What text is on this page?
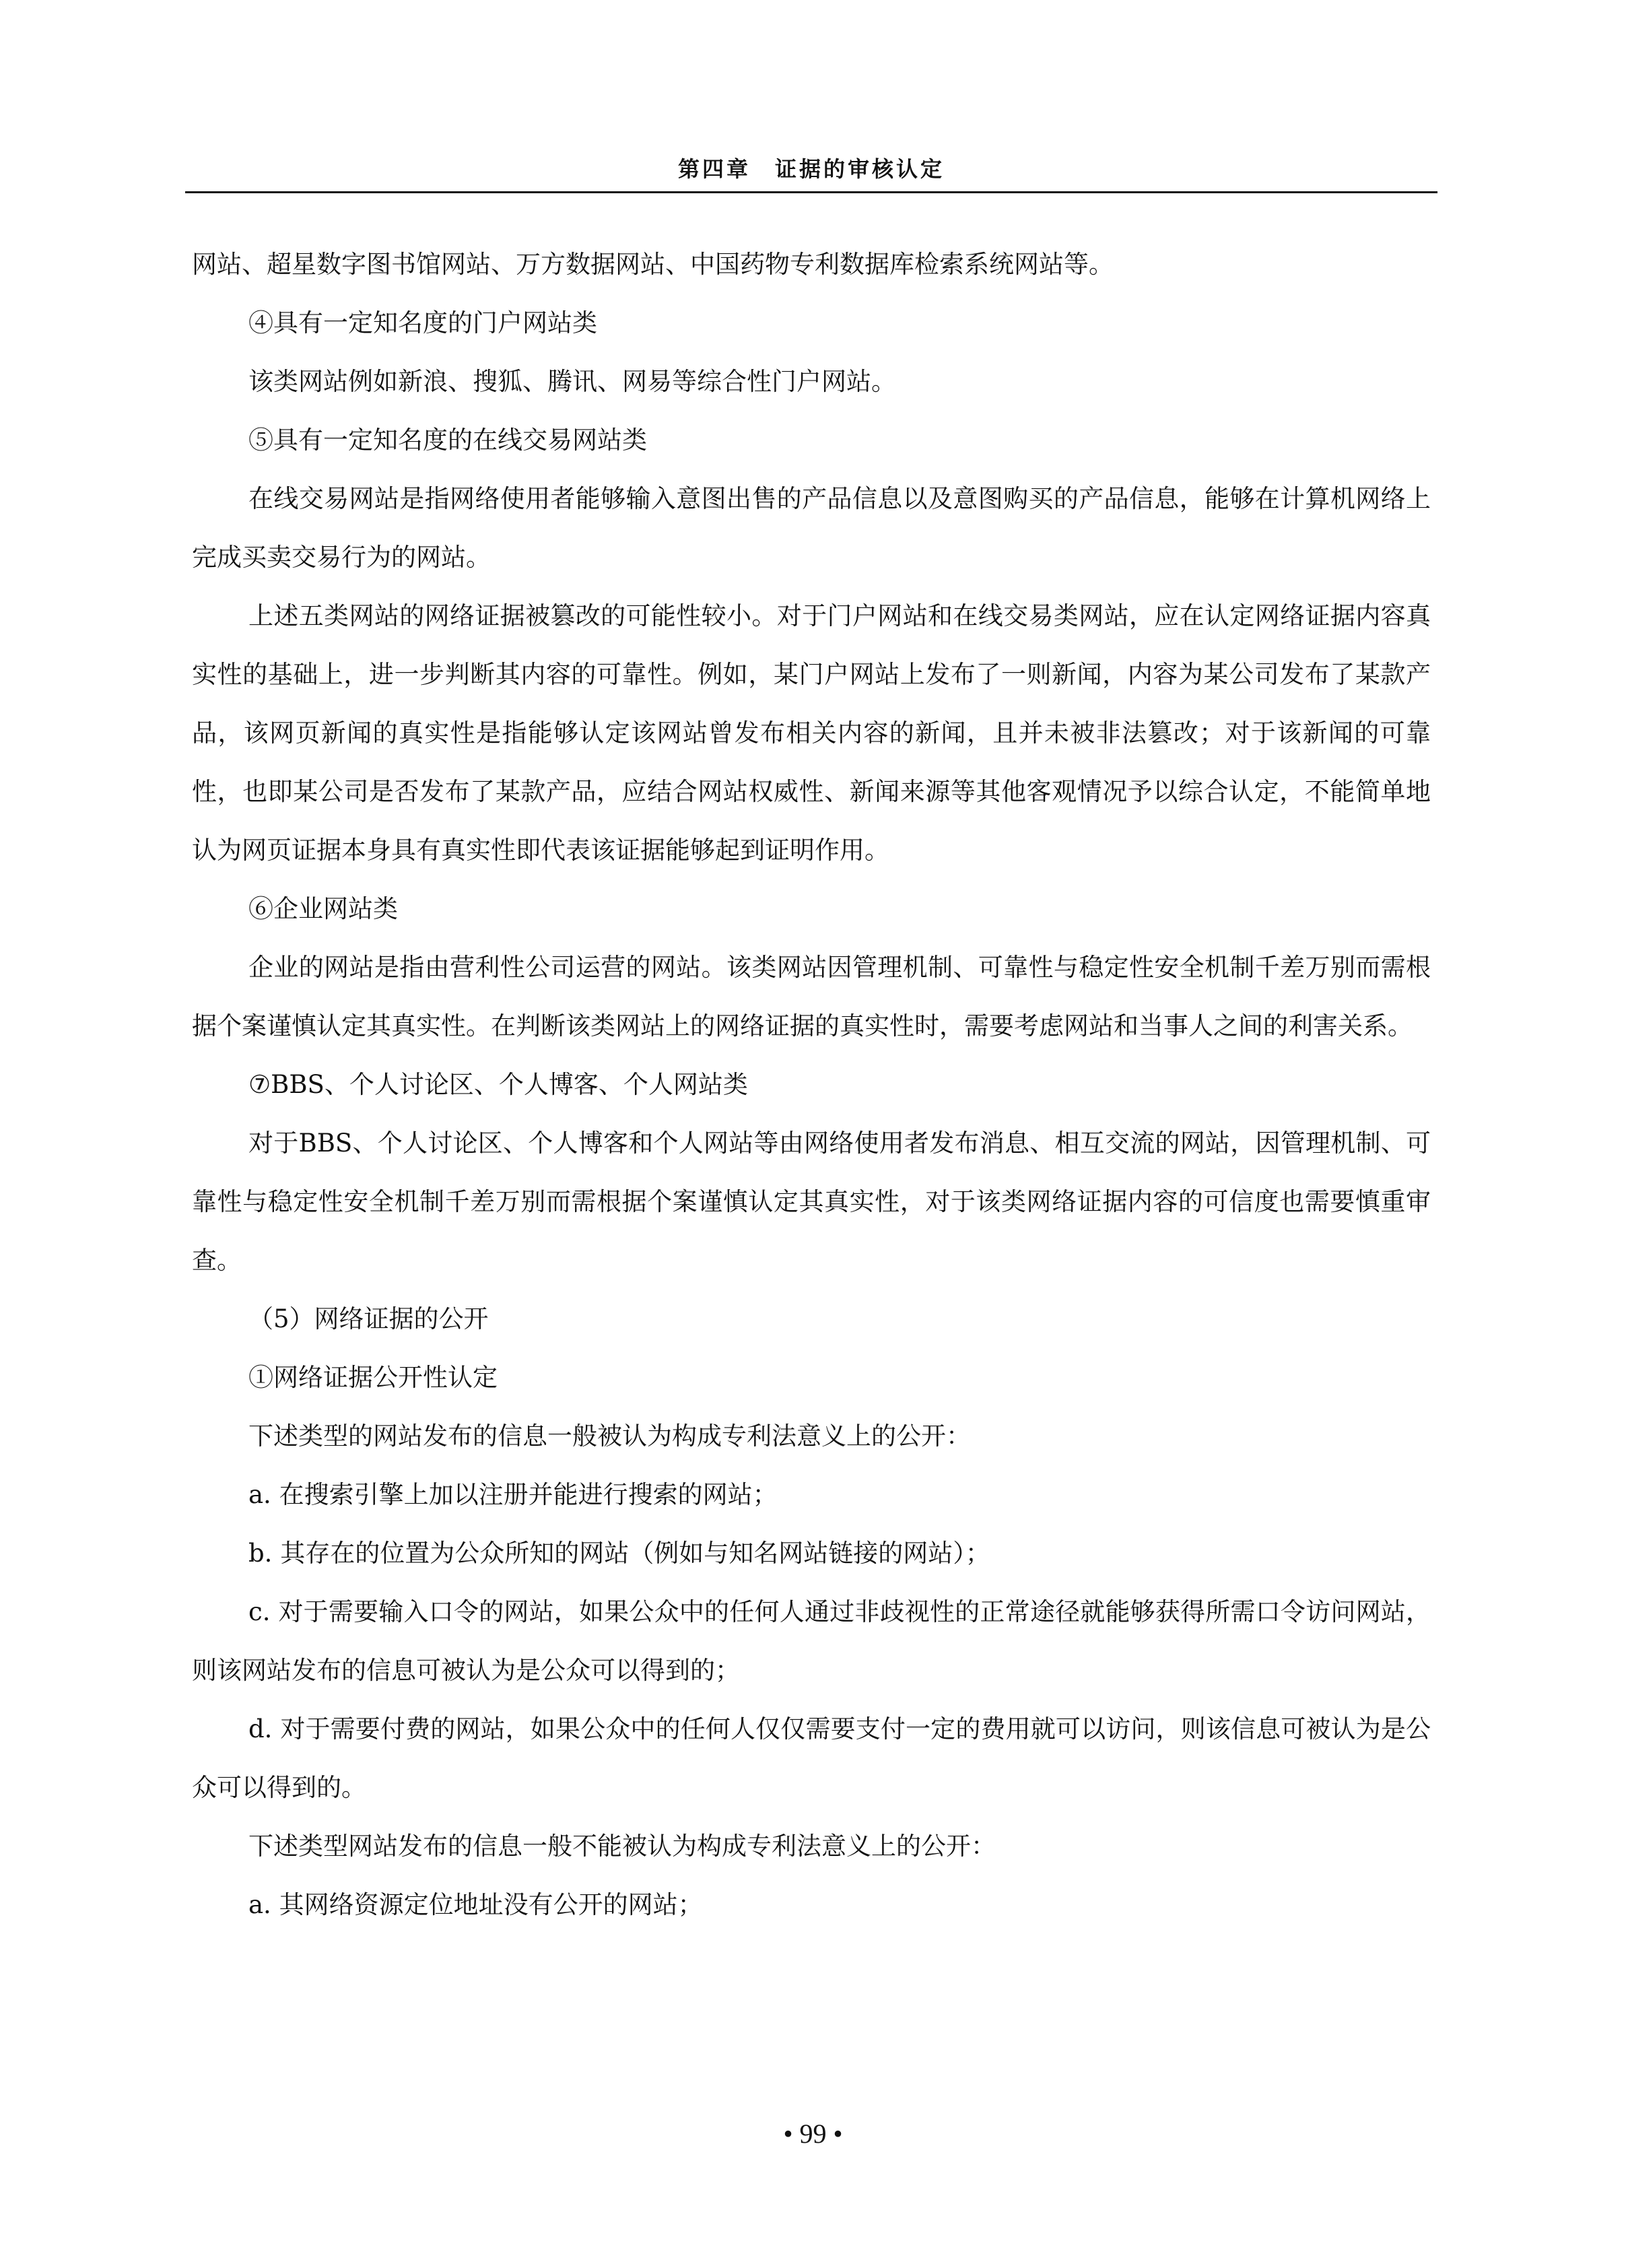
第四章　证据的审核认定

网站、超星数字图书馆网站、万方数据网站、中国药物专利数据库检索系统网站等。

④具有一定知名度的门户网站类

该类网站例如新浪、搜狐、腾讯、网易等综合性门户网站。

⑤具有一定知名度的在线交易网站类

在线交易网站是指网络使用者能够输入意图出售的产品信息以及意图购买的产品信息，能够在计算机网络上完成买卖交易行为的网站。

上述五类网站的网络证据被篡改的可能性较小。对于门户网站和在线交易类网站，应在认定网络证据内容真实性的基础上，进一步判断其内容的可靠性。例如，某门户网站上发布了一则新闻，内容为某公司发布了某款产品，该网页新闻的真实性是指能够认定该网站曾发布相关内容的新闻，且并未被非法篡改；对于该新闻的可靠性，也即某公司是否发布了某款产品，应结合网站权威性、新闻来源等其他客观情况予以综合认定，不能简单地认为网页证据本身具有真实性即代表该证据能够起到证明作用。

⑥企业网站类

企业的网站是指由营利性公司运营的网站。该类网站因管理机制、可靠性与稳定性安全机制千差万别而需根据个案谨慎认定其真实性。在判断该类网站上的网络证据的真实性时，需要考虑网站和当事人之间的利害关系。

⑦BBS、个人讨论区、个人博客、个人网站类

对于BBS、个人讨论区、个人博客和个人网站等由网络使用者发布消息、相互交流的网站，因管理机制、可靠性与稳定性安全机制千差万别而需根据个案谨慎认定其真实性，对于该类网络证据内容的可信度也需要慎重审查。

（5）网络证据的公开

①网络证据公开性认定

下述类型的网站发布的信息一般被认为构成专利法意义上的公开：

a. 在搜索引擎上加以注册并能进行搜索的网站；

b. 其存在的位置为公众所知的网站（例如与知名网站链接的网站）；

c. 对于需要输入口令的网站，如果公众中的任何人通过非歧视性的正常途径就能够获得所需口令访问网站，则该网站发布的信息可被认为是公众可以得到的；

d. 对于需要付费的网站，如果公众中的任何人仅仅需要支付一定的费用就可以访问，则该信息可被认为是公众可以得到的。

下述类型网站发布的信息一般不能被认为构成专利法意义上的公开：

a. 其网络资源定位地址没有公开的网站；

• 99 •
